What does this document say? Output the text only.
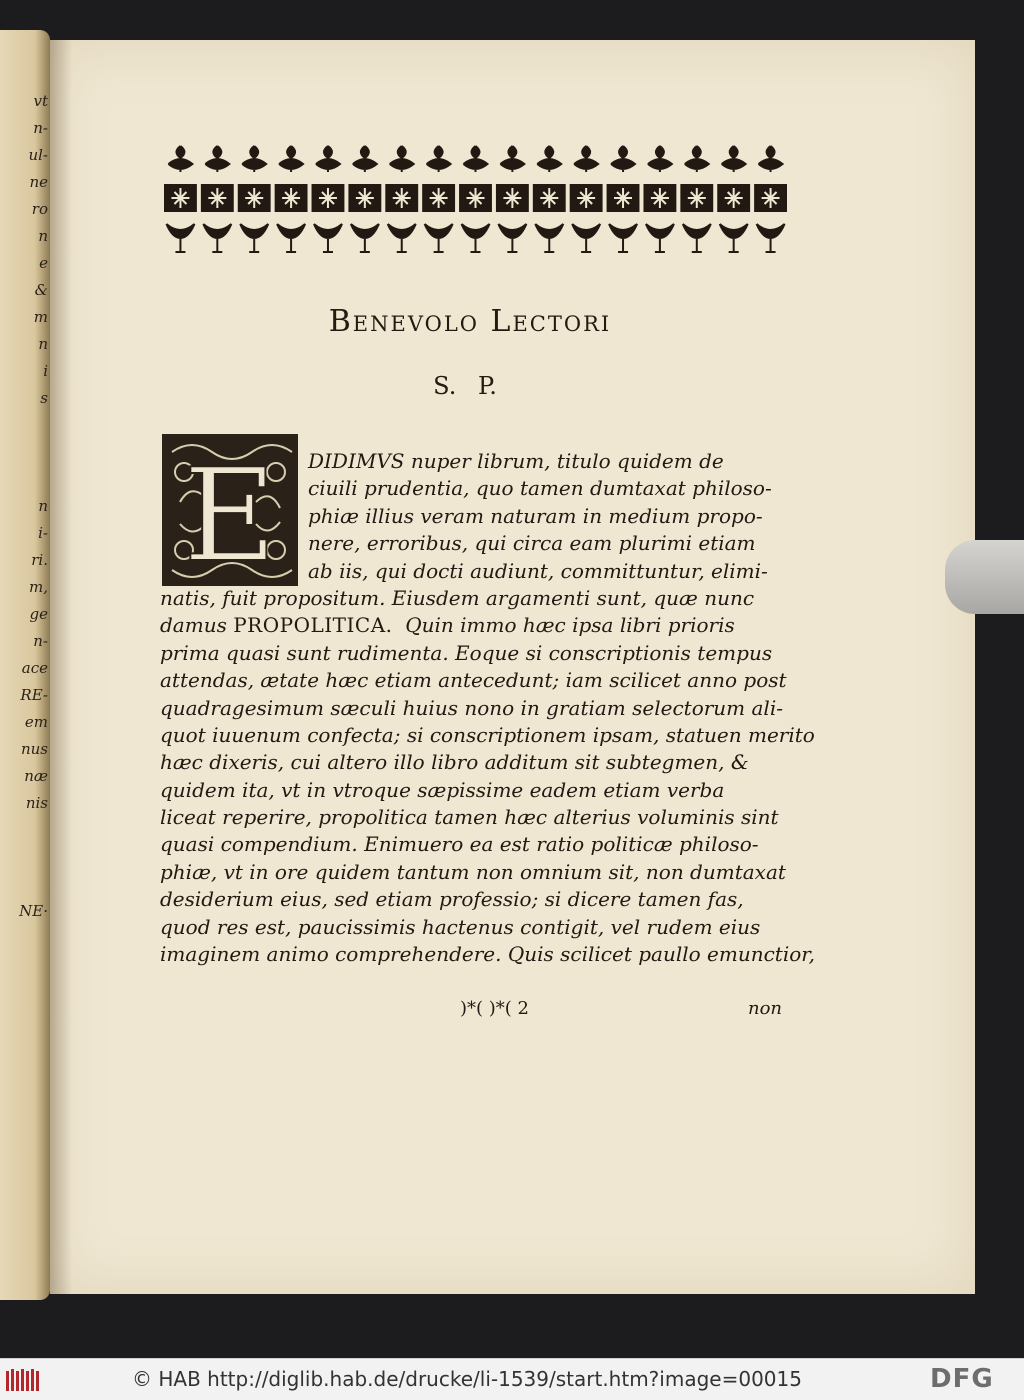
vt
n-
ul-
ne
ro
n
e
&
m
n
i
s
n
i-
ri.
m,
ge
n-
ace
RE-
em
nus
næ
nis
NE·
Benevolo Lectori
S. P.
E	DIDIMVS nuper librum, titulo quidem de
ciuili prudentia, quo tamen dumtaxat philoso-
phiæ illius veram naturam in medium propo-
nere, erroribus, qui circa eam plurimi etiam
ab iis, qui docti audiunt, committuntur, elimi-
natis, fuit propositum. Eiusdem argamenti sunt, quæ nunc
damus PROPOLITICA. Quin immo hæc ipsa libri prioris
prima quasi sunt rudimenta. Eoque si conscriptionis tempus
attendas, ætate hæc etiam antecedunt; iam scilicet anno post
quadragesimum sæculi huius nono in gratiam selectorum ali-
quot iuuenum confecta; si conscriptionem ipsam, statuen merito
hæc dixeris, cui altero illo libro additum sit subtegmen, &
quidem ita, vt in vtroque sæpissime eadem etiam verba
liceat reperire, propolitica tamen hæc alterius voluminis sint
quasi compendium. Enimuero ea est ratio politicæ philoso-
phiæ, vt in ore quidem tantum non omnium sit, non dumtaxat
desiderium eius, sed etiam professio; si dicere tamen fas,
quod res est, paucissimis hactenus contigit, vel rudem eius
imaginem animo comprehendere. Quis scilicet paullo emunctior,
)*( )*( 2	non
© HAB http://diglib.hab.de/drucke/li-1539/start.htm?image=00015	DFG
